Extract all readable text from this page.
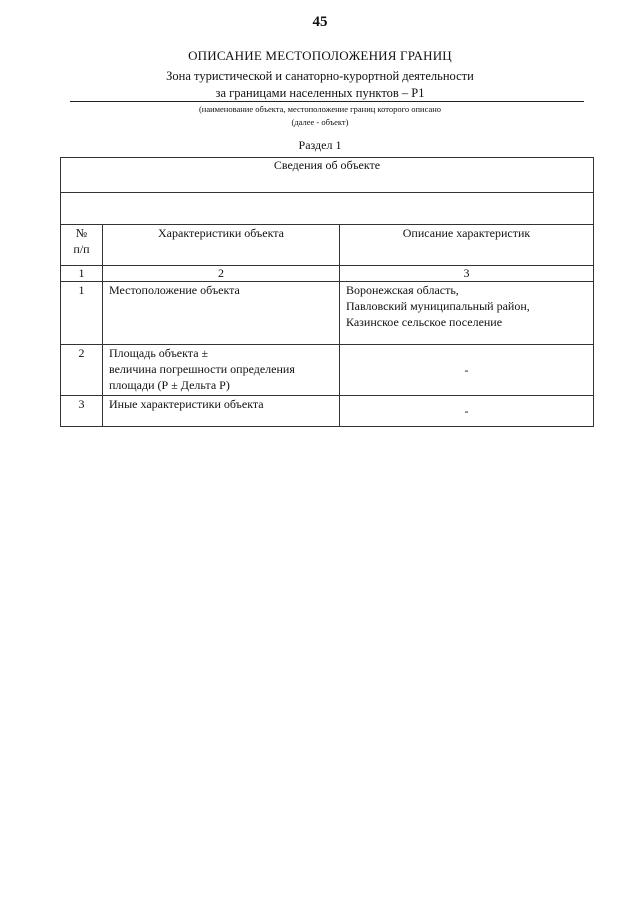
45
ОПИСАНИЕ МЕСТОПОЛОЖЕНИЯ ГРАНИЦ
Зона туристической и санаторно-курортной деятельности
за границами населенных пунктов – Р1
(наименование объекта, местоположение границ которого описано
(далее - объект)
Раздел 1
Сведения об объекте		

№
п/п	Характеристики объекта	Описание характеристик
1	2	3
1	Местоположение объекта	Воронежская область,
Павловский муниципальный район,
Казинское сельское поселение
2	Площадь объекта ±
величина погрешности определения
площади (Р ± Дельта Р)	-
3	Иные характеристики объекта	-
